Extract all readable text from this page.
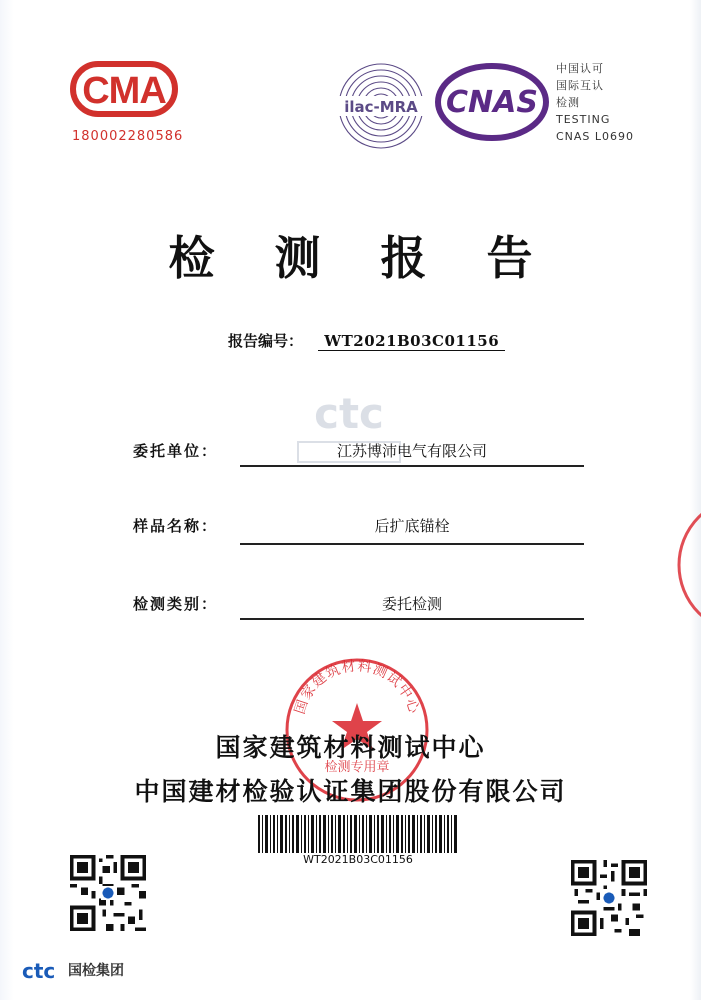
CMA
180002280586
ilac-MRA CNAS
中国认可
国际互认
检测
TESTING
CNAS L0690
检测报告
报告编号： WT2021B03C01156
ctc
委托单位：	江苏博沛电气有限公司
样品名称：	后扩底锚栓
检测类别：	委托检测
国家建筑材料测试中心
检测专用章
国家建筑材料测试中心
中国建材检验认证集团股份有限公司
WT2021B03C01156
ctc 国检集团
